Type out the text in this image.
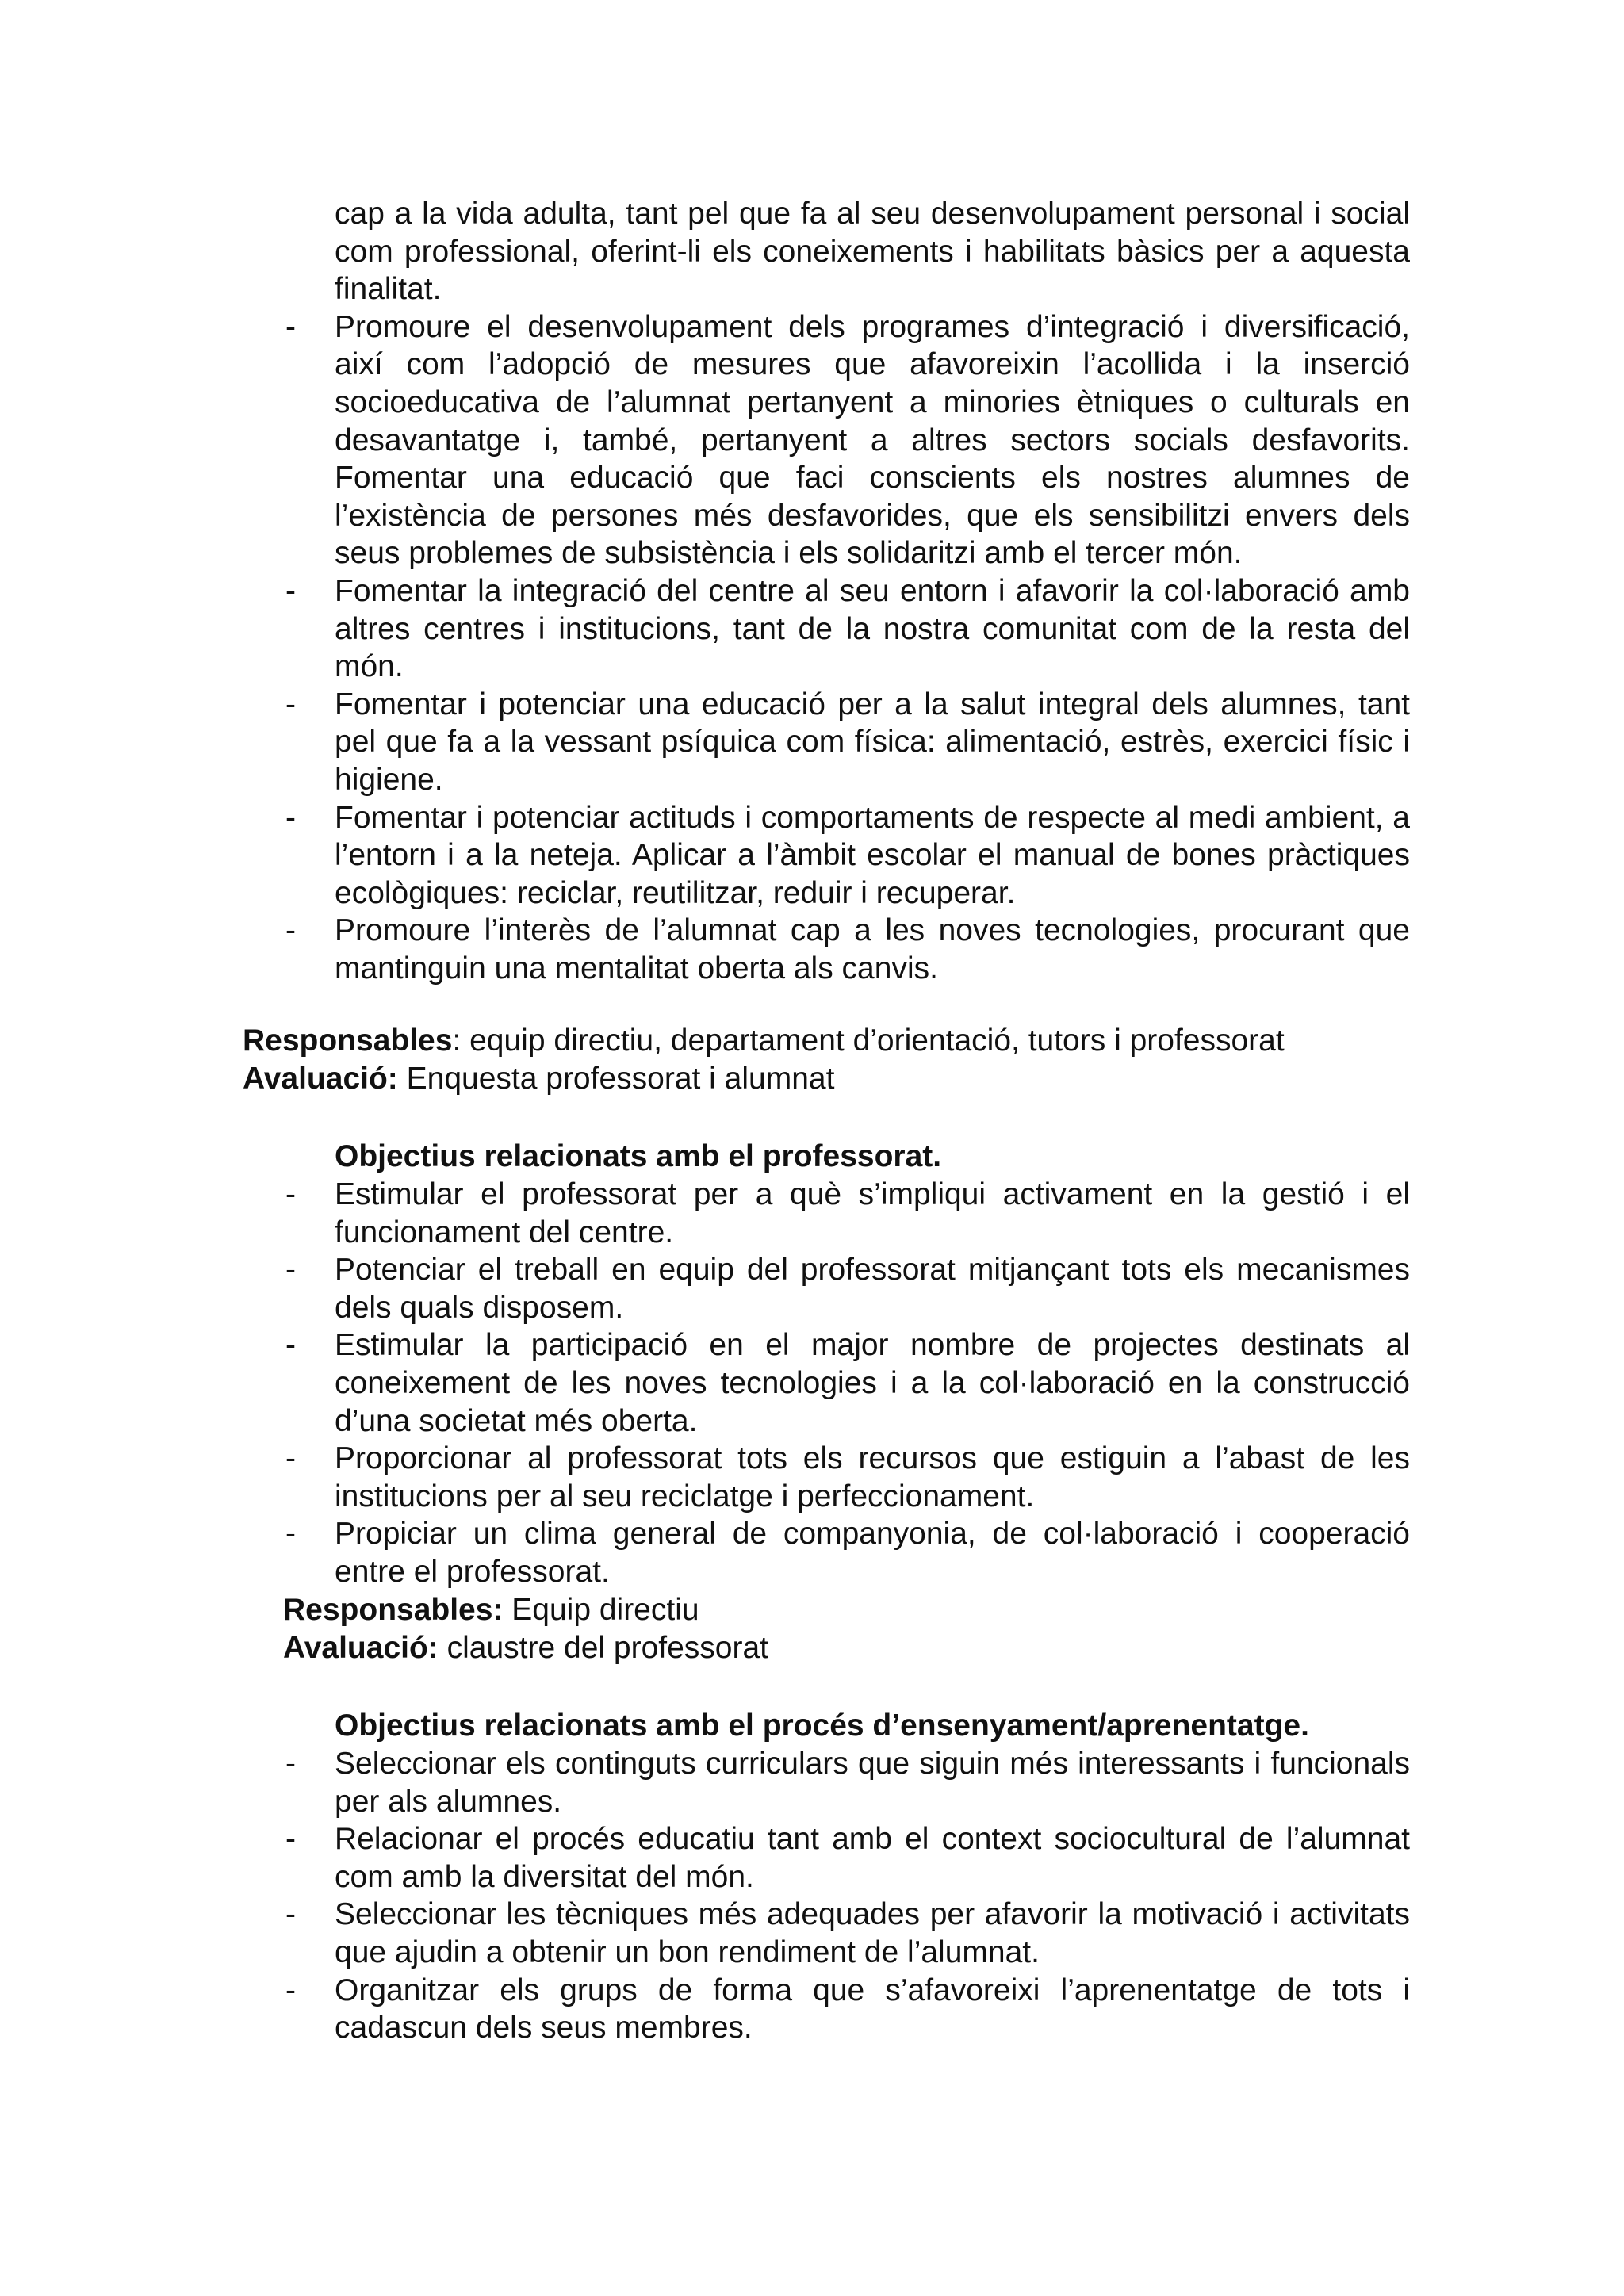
cap a la vida adulta, tant pel que fa al seu desenvolupament personal i social com professional, oferint-li els coneixements i habilitats bàsics per a aquesta finalitat.
- Promoure el desenvolupament dels programes d’integració i diversificació, així com l’adopció de mesures que afavoreixin l’acollida i la inserció socioeducativa de l’alumnat pertanyent a minories ètniques o culturals en desavantatge i, també, pertanyent a altres sectors socials desfavorits. Fomentar una educació que faci conscients els nostres alumnes de l’existència de persones més desfavorides, que els sensibilitzi envers dels seus problemes de subsistència i els solidaritzi amb el tercer món.
- Fomentar la integració del centre al seu entorn i afavorir la col·laboració amb altres centres i institucions, tant de la nostra comunitat com de la resta del món.
- Fomentar i potenciar una educació per a la salut integral dels alumnes, tant pel que fa a la vessant psíquica com física: alimentació, estrès, exercici físic i higiene.
- Fomentar i potenciar actituds i comportaments de respecte al medi ambient, a l’entorn i a la neteja. Aplicar a l’àmbit escolar el manual de bones pràctiques ecològiques: reciclar, reutilitzar, reduir i recuperar.
- Promoure l’interès de l’alumnat cap a les noves tecnologies, procurant que mantinguin una mentalitat oberta als canvis.
Responsables: equip directiu, departament d’orientació, tutors i professorat
Avaluació: Enquesta professorat i alumnat
Objectius relacionats amb el professorat.
- Estimular el professorat per a què s’impliqui activament en la gestió i el funcionament del centre.
- Potenciar el treball en equip del professorat mitjançant tots els mecanismes dels quals disposem.
- Estimular la participació en el major nombre de projectes destinats al coneixement de les noves tecnologies i a la col·laboració en la construcció d’una societat més oberta.
- Proporcionar al professorat tots els recursos que estiguin a l’abast de les institucions per al seu reciclatge i perfeccionament.
- Propiciar un clima general de companyonia, de col·laboració i cooperació entre el professorat.
Responsables: Equip directiu
Avaluació: claustre del professorat
Objectius relacionats amb el procés d’ensenyament/aprenentatge.
- Seleccionar els continguts curriculars que siguin més interessants i funcionals per als alumnes.
- Relacionar el procés educatiu tant amb el context sociocultural de l’alumnat com amb la diversitat del món.
- Seleccionar les tècniques més adequades per afavorir la motivació i activitats que ajudin a obtenir un bon rendiment de l’alumnat.
- Organitzar els grups de forma que s’afavoreixi l’aprenentatge de tots i cadascun dels seus membres.
